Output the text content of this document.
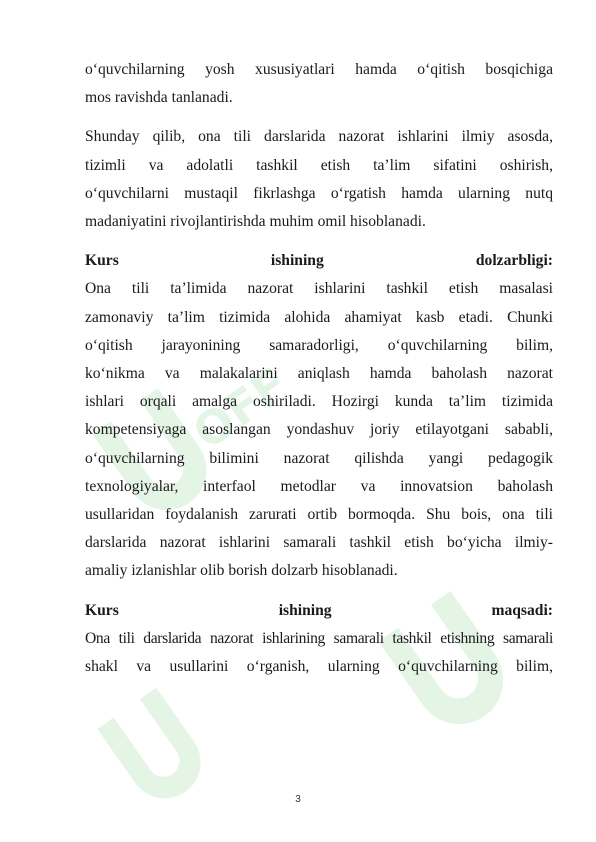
OFF

o‘quvchilarning yosh xususiyatlari hamda o‘qitish bosqichiga
mos ravishda tanlanadi.

Shunday qilib, ona tili darslarida nazorat ishlarini ilmiy asosda,
tizimli va adolatli tashkil etish ta’lim sifatini oshirish,
o‘quvchilarni mustaqil fikrlashga o‘rgatish hamda ularning nutq
madaniyatini rivojlantirishda muhim omil hisoblanadi.

Kurs	ishining	dolzarbligi:
Ona tili ta’limida nazorat ishlarini tashkil etish masalasi
zamonaviy ta’lim tizimida alohida ahamiyat kasb etadi. Chunki
o‘qitish jarayonining samaradorligi, o‘quvchilarning bilim,
ko‘nikma va malakalarini aniqlash hamda baholash nazorat
ishlari orqali amalga oshiriladi. Hozirgi kunda ta’lim tizimida
kompetensiyaga asoslangan yondashuv joriy etilayotgani sababli,
o‘quvchilarning bilimini nazorat qilishda yangi pedagogik
texnologiyalar, interfaol metodlar va innovatsion baholash
usullaridan foydalanish zarurati ortib bormoqda. Shu bois, ona tili
darslarida nazorat ishlarini samarali tashkil etish bo‘yicha ilmiy-
amaliy izlanishlar olib borish dolzarb hisoblanadi.
Kurs	ishining	maqsadi:
Ona tili darslarida nazorat ishlarining samarali tashkil etishning samarali
shakl va usullarini o‘rganish, ularning o‘quvchilarning bilim,
3
